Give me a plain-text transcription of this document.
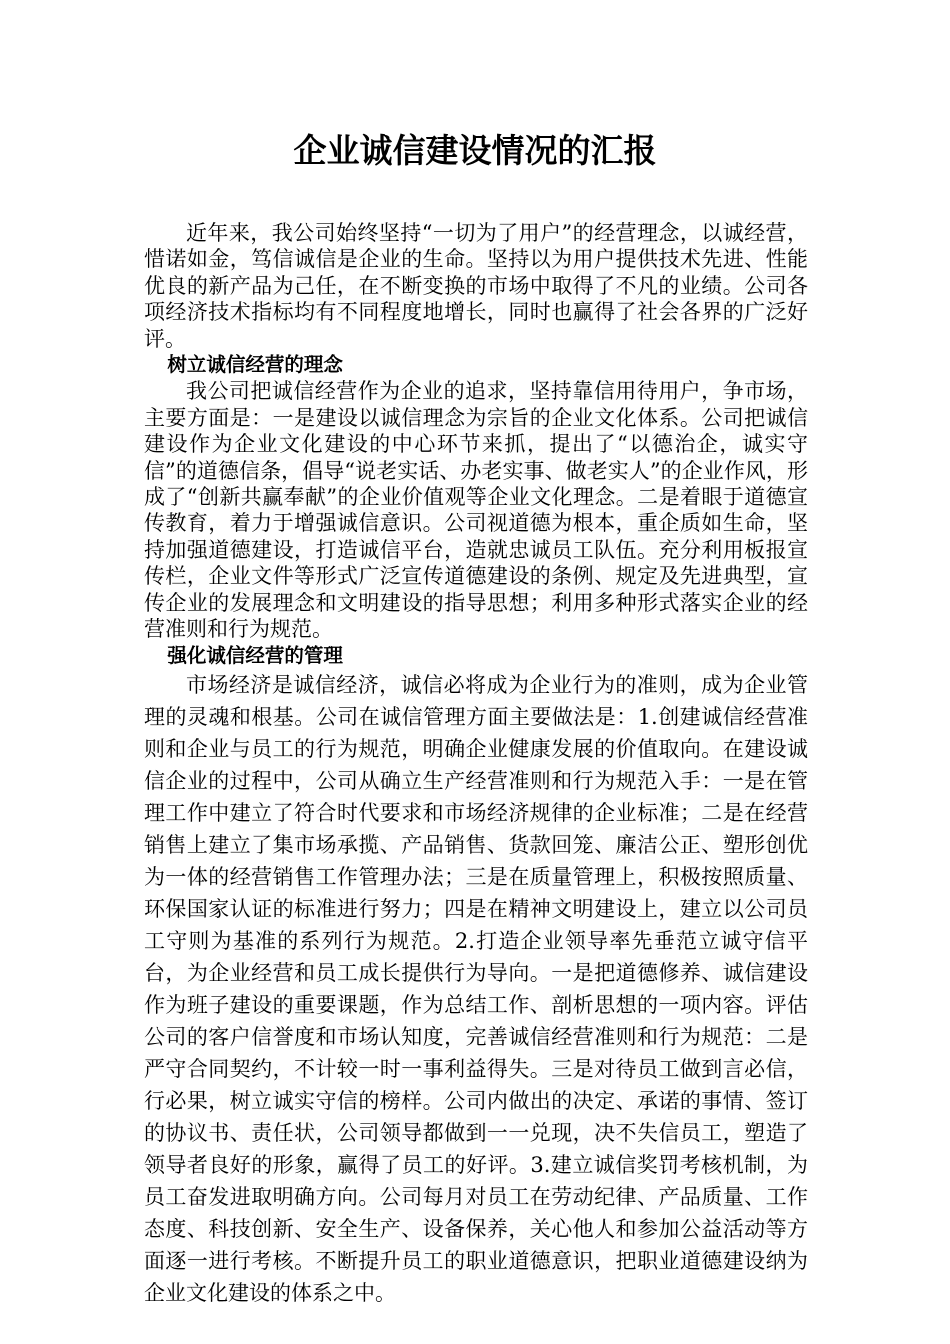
企业诚信建设情况的汇报

近年来，我公司始终坚持“一切为了用户”的经营理念，以诚经营，惜诺如金，笃信诚信是企业的生命。坚持以为用户提供技术先进、性能优良的新产品为己任，在不断变换的市场中取得了不凡的业绩。公司各项经济技术指标均有不同程度地增长，同时也赢得了社会各界的广泛好评。

树立诚信经营的理念

我公司把诚信经营作为企业的追求，坚持靠信用待用户，争市场，主要方面是：一是建设以诚信理念为宗旨的企业文化体系。公司把诚信建设作为企业文化建设的中心环节来抓，提出了“以德治企，诚实守信”的道德信条，倡导“说老实话、办老实事、做老实人”的企业作风，形成了“创新共赢奉献”的企业价值观等企业文化理念。二是着眼于道德宣传教育，着力于增强诚信意识。公司视道德为根本，重企质如生命，坚持加强道德建设，打造诚信平台，造就忠诚员工队伍。充分利用板报宣传栏，企业文件等形式广泛宣传道德建设的条例、规定及先进典型，宣传企业的发展理念和文明建设的指导思想；利用多种形式落实企业的经营准则和行为规范。

强化诚信经营的管理

市场经济是诚信经济，诚信必将成为企业行为的准则，成为企业管理的灵魂和根基。公司在诚信管理方面主要做法是：1.创建诚信经营准则和企业与员工的行为规范，明确企业健康发展的价值取向。在建设诚信企业的过程中，公司从确立生产经营准则和行为规范入手：一是在管理工作中建立了符合时代要求和市场经济规律的企业标准；二是在经营销售上建立了集市场承揽、产品销售、货款回笼、廉洁公正、塑形创优为一体的经营销售工作管理办法；三是在质量管理上，积极按照质量、环保国家认证的标准进行努力；四是在精神文明建设上，建立以公司员工守则为基准的系列行为规范。2.打造企业领导率先垂范立诚守信平台，为企业经营和员工成长提供行为导向。一是把道德修养、诚信建设作为班子建设的重要课题，作为总结工作、剖析思想的一项内容。评估公司的客户信誉度和市场认知度，完善诚信经营准则和行为规范：二是严守合同契约，不计较一时一事利益得失。三是对待员工做到言必信，行必果，树立诚实守信的榜样。公司内做出的决定、承诺的事情、签订的协议书、责任状，公司领导都做到一一兑现，决不失信员工，塑造了领导者良好的形象，赢得了员工的好评。3.建立诚信奖罚考核机制，为员工奋发进取明确方向。公司每月对员工在劳动纪律、产品质量、工作态度、科技创新、安全生产、设备保养，关心他人和参加公益活动等方面逐一进行考核。不断提升员工的职业道德意识，把职业道德建设纳为企业文化建设的体系之中。
